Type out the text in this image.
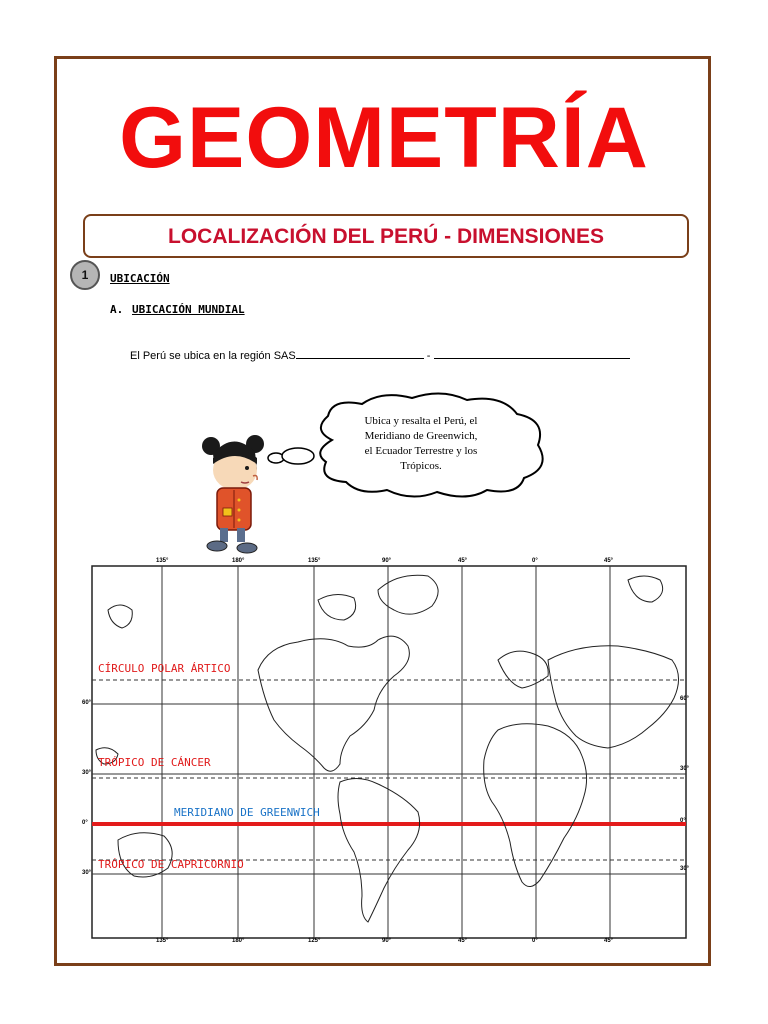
GEOMETRÍA
LOCALIZACIÓN DEL PERÚ - DIMENSIONES
1	UBICACIÓN
A. UBICACIÓN MUNDIAL
El Perú se ubica en la región SAS	-
Ubica y resalta el Perú, el
Meridiano de Greenwich,
el Ecuador Terrestre y los
Trópicos.
CÍRCULO POLAR ÁRTICO
TRÓPICO DE CÁNCER
MERIDIANO DE GREENWICH
TRÓPICO DE CAPRICORNIO
135°	180°	135°	90°	45°	0°	45°
135°	180°	125°	90°	45°	0°	45°
60°
30°
0°
30°
60°
30°
0°
30°
